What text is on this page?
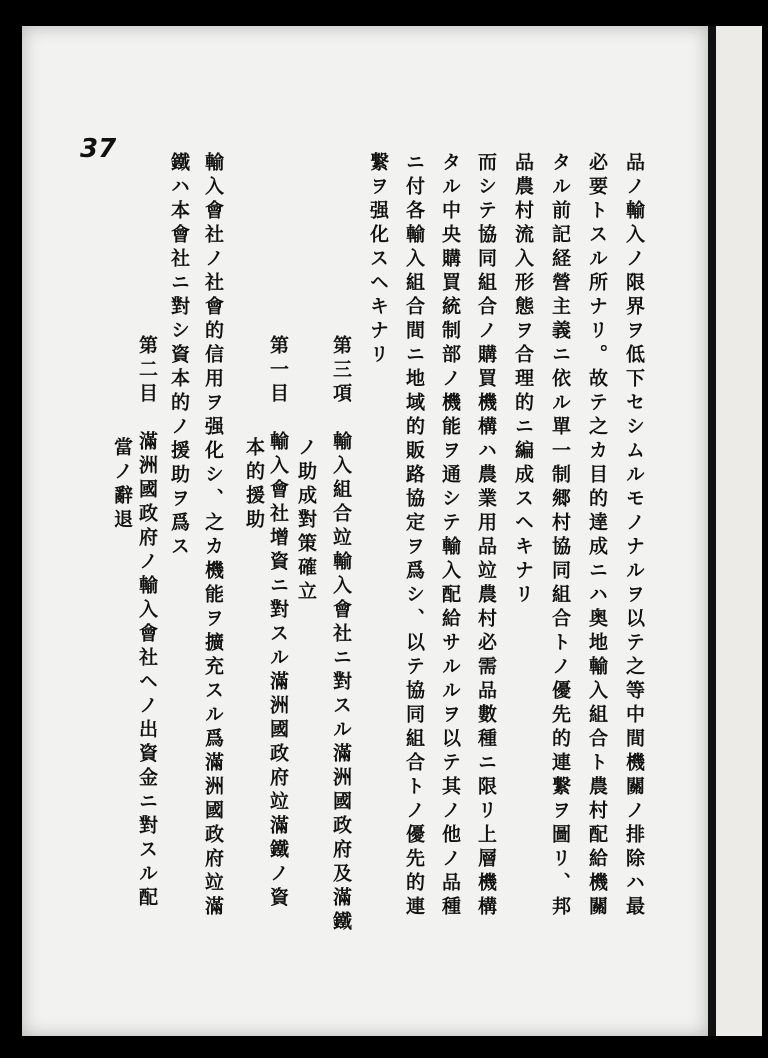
37
品ノ輸入ノ限界ヲ低下セシムルモノナルヲ以テ之等中間機關ノ排除ハ最
必要トスル所ナリ。故テ之カ目的達成ニハ奥地輸入組合ト農村配給機關
タル前記経營主義ニ依ル單一制郷村協同組合トノ優先的連繋ヲ圖リ、邦
品農村流入形態ヲ合理的ニ編成スヘキナリ
而シテ協同組合ノ購買機構ハ農業用品竝農村必需品數種ニ限リ上層機構
タル中央購買統制部ノ機能ヲ通シテ輸入配給サルルヲ以テ其ノ他ノ品種
ニ付各輸入組合間ニ地域的販路協定ヲ爲シ、以テ協同組合トノ優先的連
繋ヲ强化スヘキナリ
第三項　輸入組合竝輸入會社ニ對スル滿洲國政府及滿鐵
ノ助成對策確立
第一目　輸入會社增資ニ對スル滿洲國政府竝滿鐵ノ資
本的援助
輸入會社ノ社會的信用ヲ强化シ、之カ機能ヲ擴充スル爲滿洲國政府竝滿
鐵ハ本會社ニ對シ資本的ノ援助ヲ爲ス
第二目　滿洲國政府ノ輸入會社ヘノ出資金ニ對スル配
當ノ辭退
